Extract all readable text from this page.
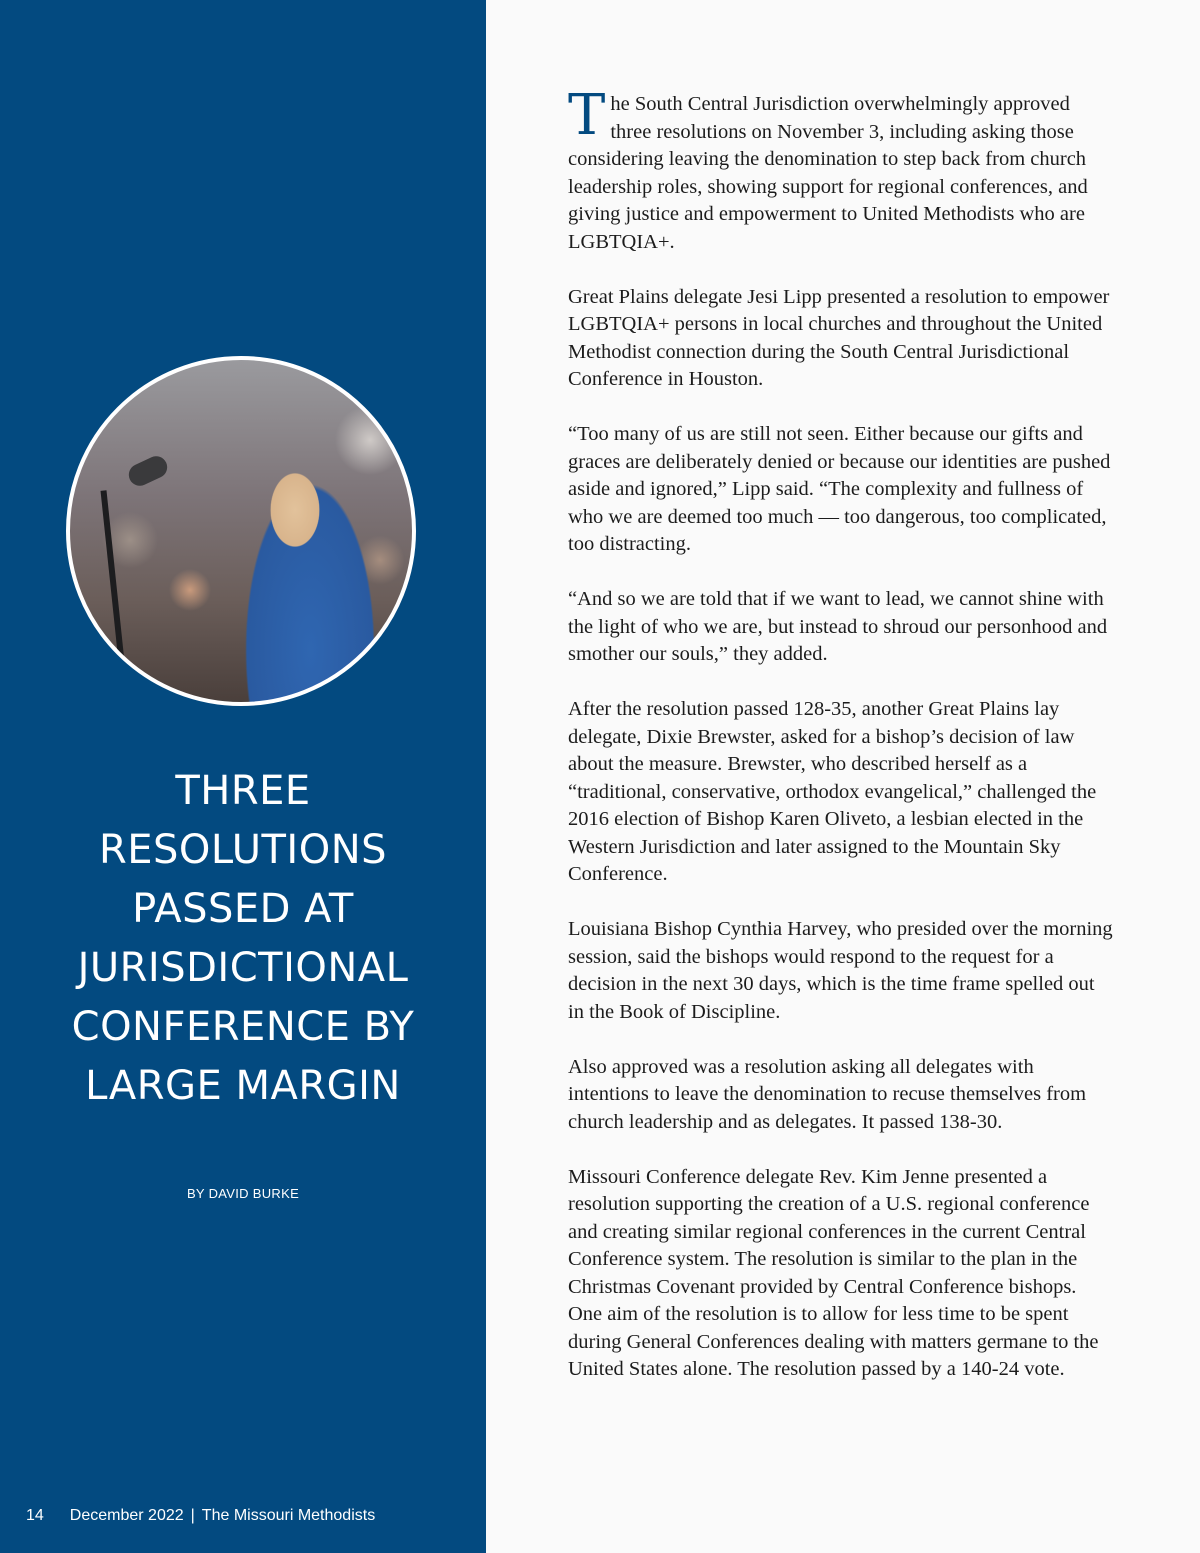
THREE RESOLUTIONS PASSED AT JURISDICTIONAL CONFERENCE BY LARGE MARGIN
BY DAVID BURKE
14 December 2022 | The Missouri Methodists

The South Central Jurisdiction overwhelmingly approved three resolutions on November 3, including asking those considering leaving the denomination to step back from church leadership roles, showing support for regional conferences, and giving justice and empowerment to United Methodists who are LGBTQIA+.

Great Plains delegate Jesi Lipp presented a resolution to empower LGBTQIA+ persons in local churches and throughout the United Methodist connection during the South Central Jurisdictional Conference in Houston.

“Too many of us are still not seen. Either because our gifts and graces are deliberately denied or because our identities are pushed aside and ignored,” Lipp said. “The complexity and fullness of who we are deemed too much — too dangerous, too complicated, too distracting.

“And so we are told that if we want to lead, we cannot shine with the light of who we are, but instead to shroud our personhood and smother our souls,” they added.

After the resolution passed 128-35, another Great Plains lay delegate, Dixie Brewster, asked for a bishop’s decision of law about the measure. Brewster, who described herself as a “traditional, conservative, orthodox evangelical,” challenged the 2016 election of Bishop Karen Oliveto, a lesbian elected in the Western Jurisdiction and later assigned to the Mountain Sky Conference.

Louisiana Bishop Cynthia Harvey, who presided over the morning session, said the bishops would respond to the request for a decision in the next 30 days, which is the time frame spelled out in the Book of Discipline.

Also approved was a resolution asking all delegates with intentions to leave the denomination to recuse themselves from church leadership and as delegates. It passed 138-30.

Missouri Conference delegate Rev. Kim Jenne presented a resolution supporting the creation of a U.S. regional conference and creating similar regional conferences in the current Central Conference system. The resolution is similar to the plan in the Christmas Covenant provided by Central Conference bishops. One aim of the resolution is to allow for less time to be spent during General Conferences dealing with matters germane to the United States alone. The resolution passed by a 140-24 vote.
